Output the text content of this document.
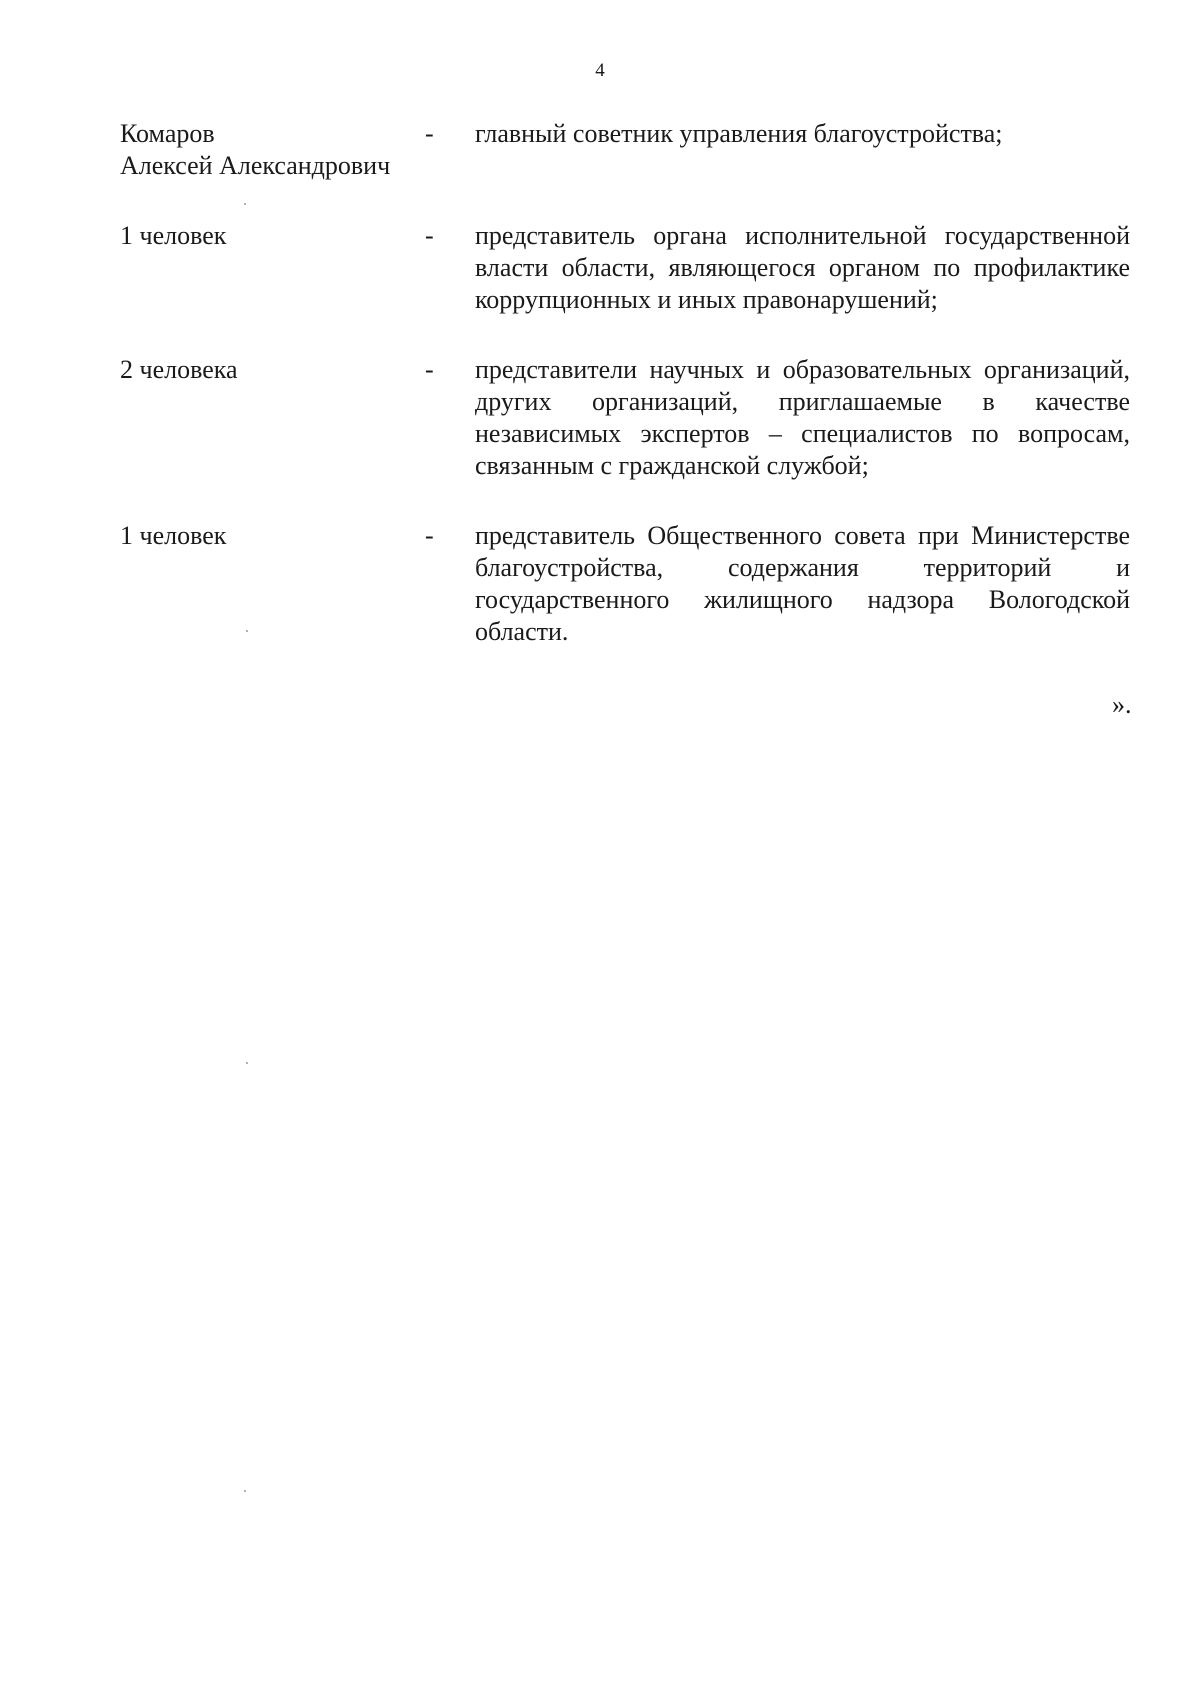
4
Комаров
Алексей Александрович
-	главный советник управления благоустройства;
1 человек	-	представитель органа исполнительной государственной власти области, являющегося органом по профилактике коррупционных и иных правонарушений;
2 человека	-	представители научных и образовательных организаций, других организаций, приглашаемые в качестве независимых экспертов – специалистов по вопросам, связанным с гражданской службой;
1 человек	-	представитель Общественного совета при Министерстве благоустройства, содержания территорий и государственного жилищного надзора Вологодской области.
».
